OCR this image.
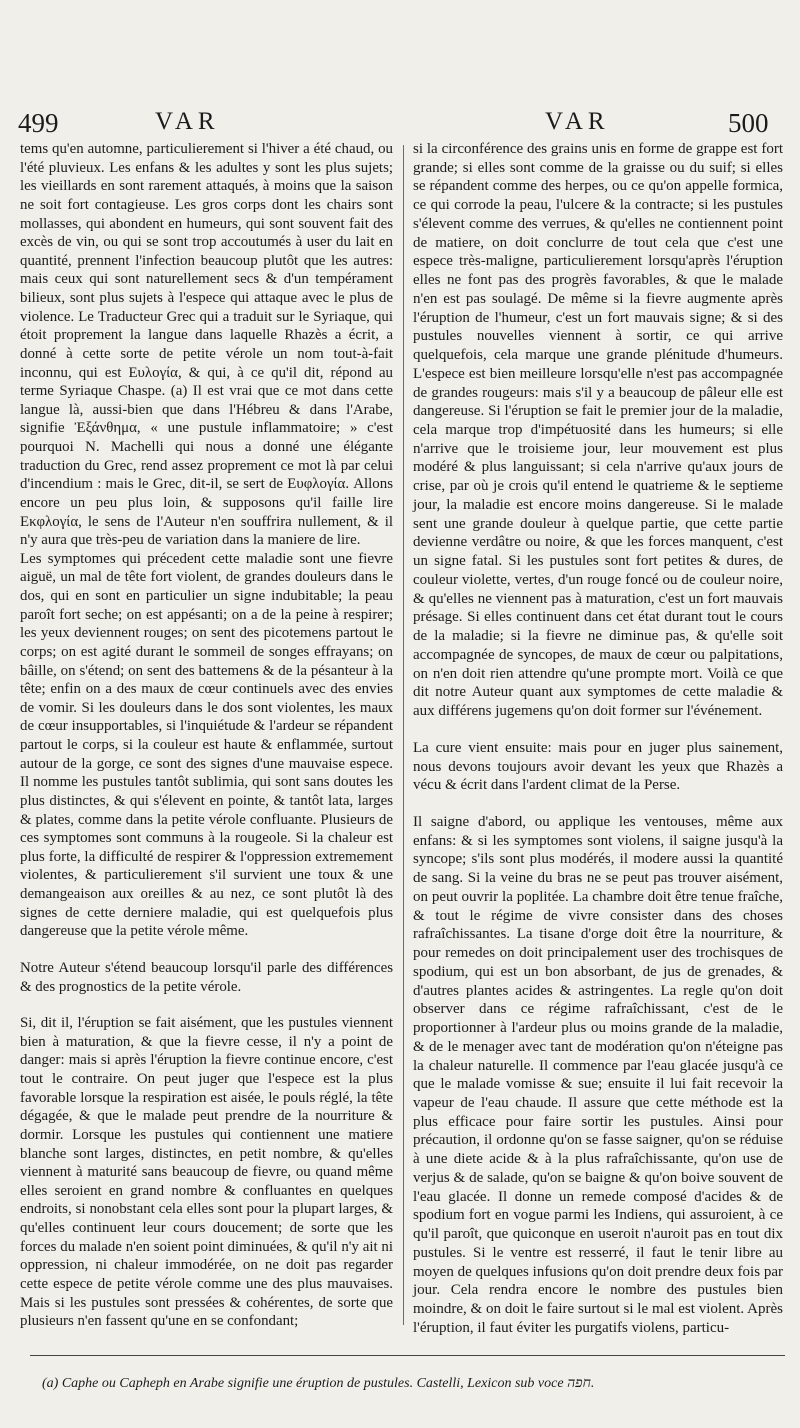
499	VAR	VAR	500

tems qu'en automne, particulierement si l'hiver a été chaud, ou l'été pluvieux. Les enfans & les adultes y sont les plus sujets; les vieillards en sont rarement attaqués, à moins que la saison ne soit fort contagieuse. Les gros corps dont les chairs sont mollasses, qui abondent en humeurs, qui sont souvent fait des excès de vin, ou qui se sont trop accoutumés à user du lait en quantité, prennent l'infection beaucoup plutôt que les autres: mais ceux qui sont naturellement secs & d'un tempérament bilieux, sont plus sujets à l'espece qui attaque avec le plus de violence. Le Traducteur Grec qui a traduit sur le Syriaque, qui étoit proprement la langue dans laquelle Rhazès a écrit, a donné à cette sorte de petite vérole un nom tout-à-fait inconnu, qui est Ευλογία, & qui, à ce qu'il dit, répond au terme Syriaque Chaspe. (a) Il est vrai que ce mot dans cette langue là, aussi-bien que dans l'Hébreu & dans l'Arabe, signifie Ἐξάνθημα, « une pustule inflammatoire; » c'est pourquoi N. Machelli qui nous a donné une élégante traduction du Grec, rend assez proprement ce mot là par celui d'incendium : mais le Grec, dit-il, se sert de Ευφλογία. Allons encore un peu plus loin, & supposons qu'il faille lire Εκφλογία, le sens de l'Auteur n'en souffrira nullement, & il n'y aura que très-peu de variation dans la maniere de lire.

Les symptomes qui précedent cette maladie sont une fievre aiguë, un mal de tête fort violent, de grandes douleurs dans le dos, qui en sont en particulier un signe indubitable; la peau paroît fort seche; on est appésanti; on a de la peine à respirer; les yeux deviennent rouges; on sent des picotemens partout le corps; on est agité durant le sommeil de songes effrayans; on bâille, on s'étend; on sent des battemens & de la pésanteur à la tête; enfin on a des maux de cœur continuels avec des envies de vomir. Si les douleurs dans le dos sont violentes, les maux de cœur insupportables, si l'inquiétude & l'ardeur se répandent partout le corps, si la couleur est haute & enflammée, surtout autour de la gorge, ce sont des signes d'une mauvaise espece. Il nomme les pustules tantôt sublimia, qui sont sans doutes les plus distinctes, & qui s'élevent en pointe, & tantôt lata, larges & plates, comme dans la petite vérole confluante. Plusieurs de ces symptomes sont communs à la rougeole. Si la chaleur est plus forte, la difficulté de respirer & l'oppression extremement violentes, & particulierement s'il survient une toux & une demangeaison aux oreilles & au nez, ce sont plutôt là des signes de cette derniere maladie, qui est quelquefois plus dangereuse que la petite vérole même.

Notre Auteur s'étend beaucoup lorsqu'il parle des différences & des prognostics de la petite vérole.

Si, dit il, l'éruption se fait aisément, que les pustules viennent bien à maturation, & que la fievre cesse, il n'y a point de danger: mais si après l'éruption la fievre continue encore, c'est tout le contraire. On peut juger que l'espece est la plus favorable lorsque la respiration est aisée, le pouls réglé, la tête dégagée, & que le malade peut prendre de la nourriture & dormir. Lorsque les pustules qui contiennent une matiere blanche sont larges, distinctes, en petit nombre, & qu'elles viennent à maturité sans beaucoup de fievre, ou quand même elles seroient en grand nombre & confluantes en quelques endroits, si nonobstant cela elles sont pour la plupart larges, & qu'elles continuent leur cours doucement; de sorte que les forces du malade n'en soient point diminuées, & qu'il n'y ait ni oppression, ni chaleur immodérée, on ne doit pas regarder cette espece de petite vérole comme une des plus mauvaises. Mais si les pustules sont pressées & cohérentes, de sorte que plusieurs n'en fassent qu'une en se confondant;

si la circonférence des grains unis en forme de grappe est fort grande; si elles sont comme de la graisse ou du suif; si elles se répandent comme des herpes, ou ce qu'on appelle formica, ce qui corrode la peau, l'ulcere & la contracte; si les pustules s'élevent comme des verrues, & qu'elles ne contiennent point de matiere, on doit conclurre de tout cela que c'est une espece très-maligne, particulierement lorsqu'après l'éruption elles ne font pas des progrès favorables, & que le malade n'en est pas soulagé. De même si la fievre augmente après l'éruption de l'humeur, c'est un fort mauvais signe; & si des pustules nouvelles viennent à sortir, ce qui arrive quelquefois, cela marque une grande plénitude d'humeurs. L'espece est bien meilleure lorsqu'elle n'est pas accompagnée de grandes rougeurs: mais s'il y a beaucoup de pâleur elle est dangereuse. Si l'éruption se fait le premier jour de la maladie, cela marque trop d'impétuosité dans les humeurs; si elle n'arrive que le troisieme jour, leur mouvement est plus modéré & plus languissant; si cela n'arrive qu'aux jours de crise, par où je crois qu'il entend le quatrieme & le septieme jour, la maladie est encore moins dangereuse. Si le malade sent une grande douleur à quelque partie, que cette partie devienne verdâtre ou noire, & que les forces manquent, c'est un signe fatal. Si les pustules sont fort petites & dures, de couleur violette, vertes, d'un rouge foncé ou de couleur noire, & qu'elles ne viennent pas à maturation, c'est un fort mauvais présage. Si elles continuent dans cet état durant tout le cours de la maladie; si la fievre ne diminue pas, & qu'elle soit accompagnée de syncopes, de maux de cœur ou palpitations, on n'en doit rien attendre qu'une prompte mort. Voilà ce que dit notre Auteur quant aux symptomes de cette maladie & aux différens jugemens qu'on doit former sur l'événement.

La cure vient ensuite: mais pour en juger plus sainement, nous devons toujours avoir devant les yeux que Rhazès a vécu & écrit dans l'ardent climat de la Perse.

Il saigne d'abord, ou applique les ventouses, même aux enfans: & si les symptomes sont violens, il saigne jusqu'à la syncope; s'ils sont plus modérés, il modere aussi la quantité de sang. Si la veine du bras ne se peut pas trouver aisément, on peut ouvrir la poplitée. La chambre doit être tenue fraîche, & tout le régime de vivre consister dans des choses rafraîchissantes. La tisane d'orge doit être la nourriture, & pour remedes on doit principalement user des trochisques de spodium, qui est un bon absorbant, de jus de grenades, & d'autres plantes acides & astringentes. La regle qu'on doit observer dans ce régime rafraîchissant, c'est de le proportionner à l'ardeur plus ou moins grande de la maladie, & de le menager avec tant de modération qu'on n'éteigne pas la chaleur naturelle. Il commence par l'eau glacée jusqu'à ce que le malade vomisse & sue; ensuite il lui fait recevoir la vapeur de l'eau chaude. Il assure que cette méthode est la plus efficace pour faire sortir les pustules. Ainsi pour précaution, il ordonne qu'on se fasse saigner, qu'on se réduise à une diete acide & à la plus rafraîchissante, qu'on use de verjus & de salade, qu'on se baigne & qu'on boive souvent de l'eau glacée. Il donne un remede composé d'acides & de spodium fort en vogue parmi les Indiens, qui assuroient, à ce qu'il paroît, que quiconque en useroit n'auroit pas en tout dix pustules. Si le ventre est resserré, il faut le tenir libre au moyen de quelques infusions qu'on doit prendre deux fois par jour. Cela rendra encore le nombre des pustules bien moindre, & on doit le faire surtout si le mal est violent. Après l'éruption, il faut éviter les purgatifs violens, particu-

(a) Caphe ou Capheph en Arabe signifie une éruption de pustules. Castelli, Lexicon sub voce חפה.
